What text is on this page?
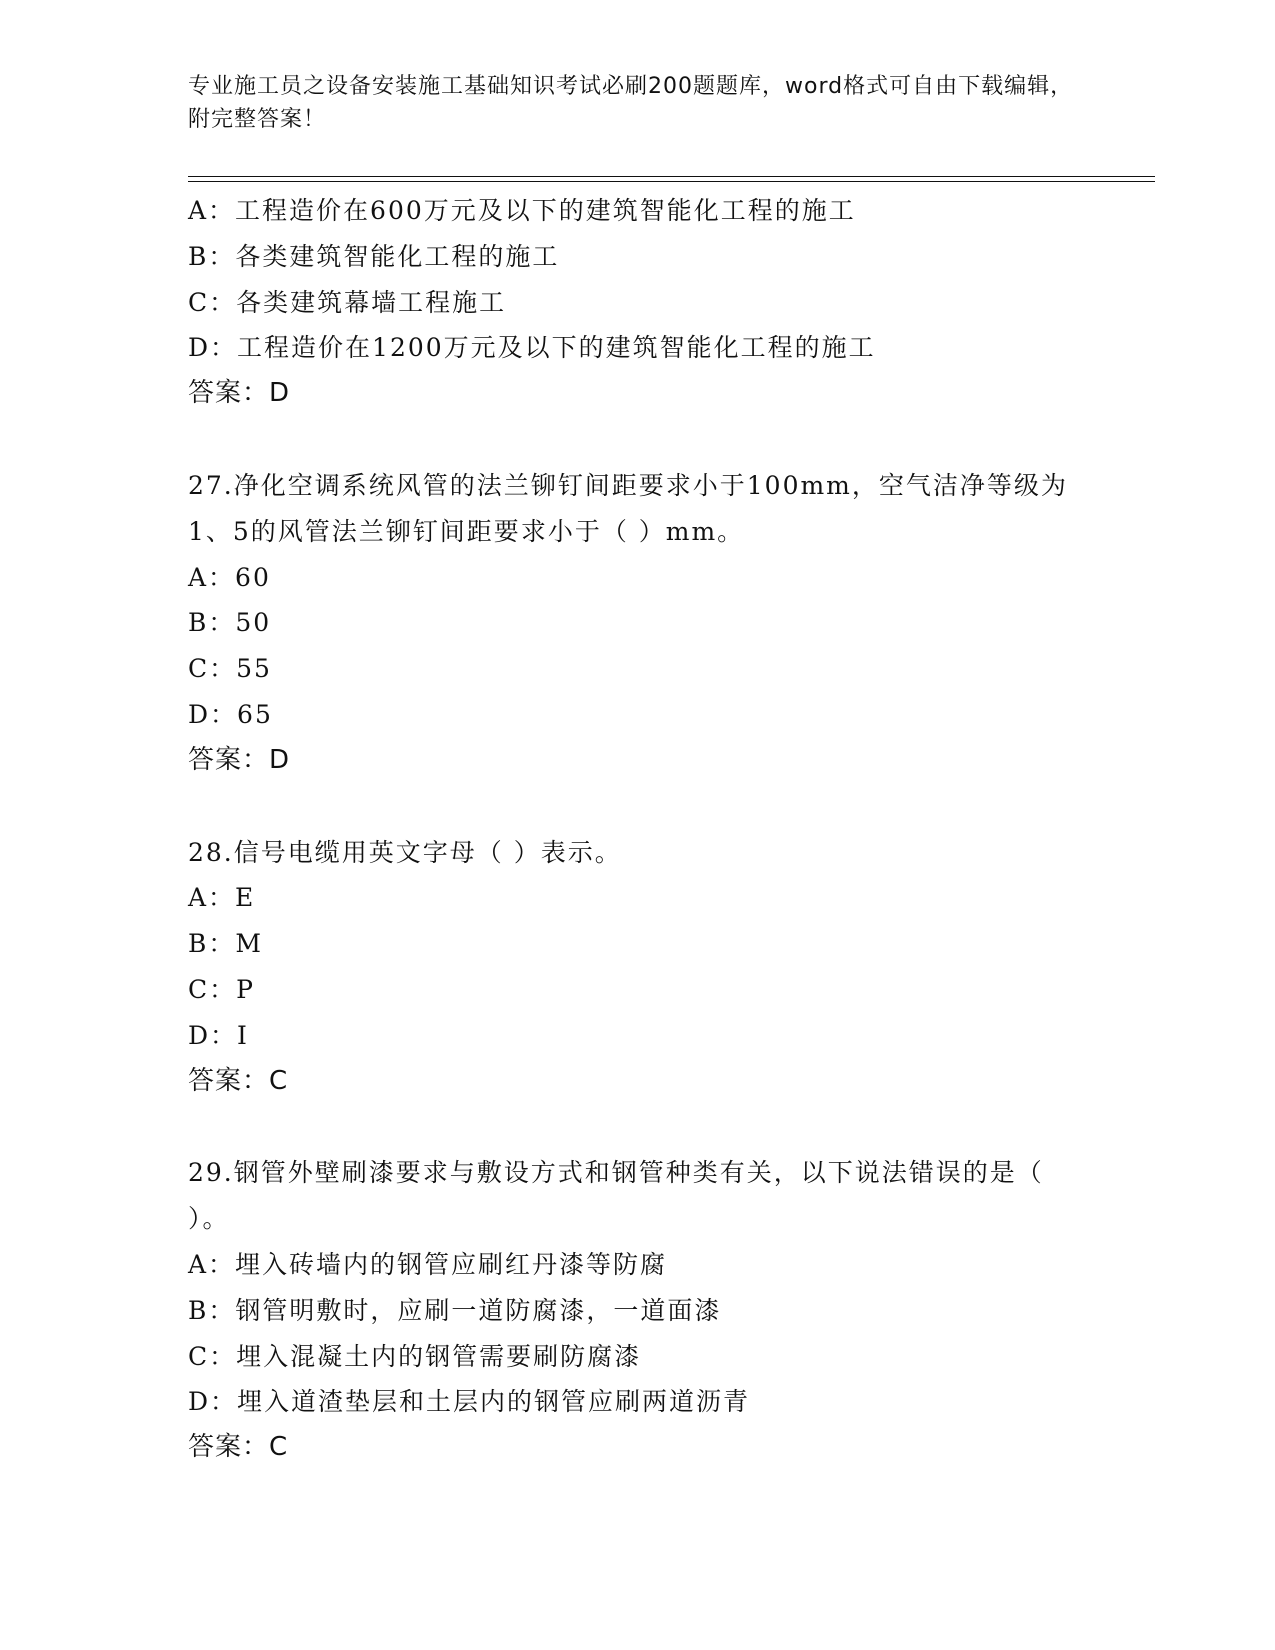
专业施工员之设备安装施工基础知识考试必刷200题题库，word格式可自由下载编辑，附完整答案！

A：工程造价在600万元及以下的建筑智能化工程的施工
B：各类建筑智能化工程的施工
C：各类建筑幕墙工程施工
D：工程造价在1200万元及以下的建筑智能化工程的施工
答案：D
27.净化空调系统风管的法兰铆钉间距要求小于100mm，空气洁净等级为1、5的风管法兰铆钉间距要求小于（ ）mm。
A：60
B：50
C：55
D：65
答案：D
28.信号电缆用英文字母（ ）表示。
A：E
B：M
C：P
D：I
答案：C
29.钢管外壁刷漆要求与敷设方式和钢管种类有关，以下说法错误的是（ ）。
A：埋入砖墙内的钢管应刷红丹漆等防腐
B：钢管明敷时，应刷一道防腐漆，一道面漆
C：埋入混凝土内的钢管需要刷防腐漆
D：埋入道渣垫层和土层内的钢管应刷两道沥青
答案：C
